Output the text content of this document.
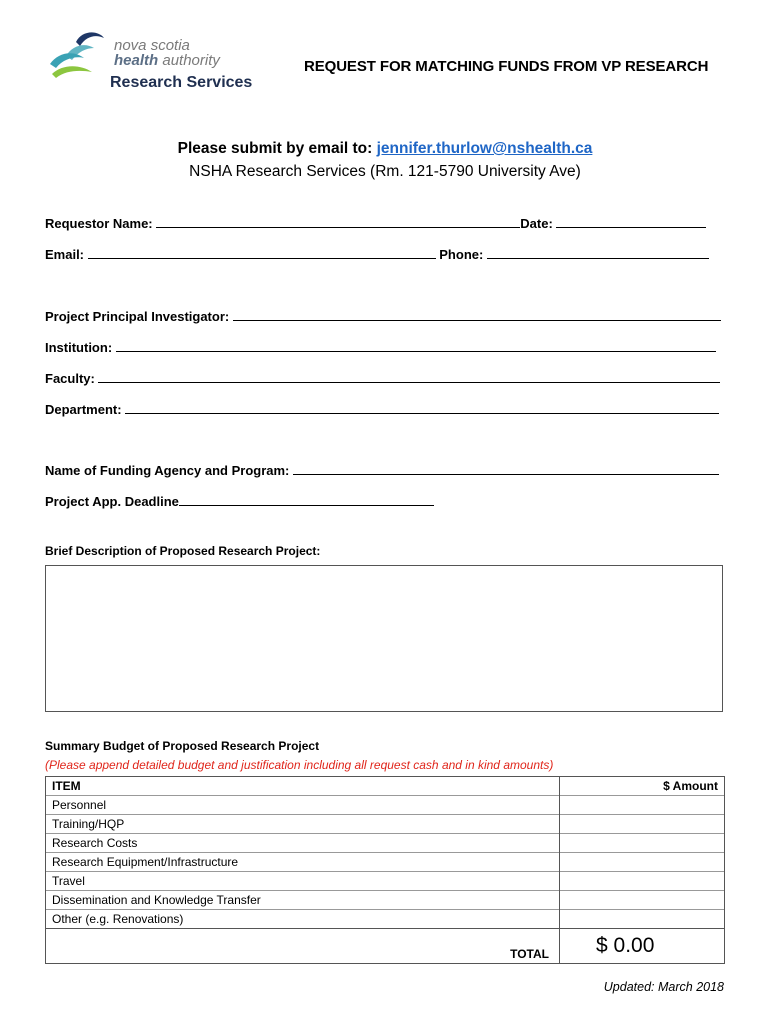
nova scotia
health authority
Research Services
REQUEST FOR MATCHING FUNDS FROM VP RESEARCH
Please submit by email to: jennifer.thurlow@nshealth.ca
NSHA Research Services (Rm. 121-5790 University Ave)
Requestor Name:	Date:
Email:	Phone:
Project Principal Investigator:
Institution:
Faculty:
Department:
Name of Funding Agency and Program:
Project App. Deadline
Brief Description of Proposed Research Project:
Summary Budget of Proposed Research Project
(Please append detailed budget and justification including all request cash and in kind amounts)
ITEM	$ Amount
Personnel	
Training/HQP	
Research Costs	
Research Equipment/Infrastructure	
Travel	
Dissemination and Knowledge Transfer	
Other (e.g. Renovations)	
TOTAL	$ 0.00
Updated: March 2018
